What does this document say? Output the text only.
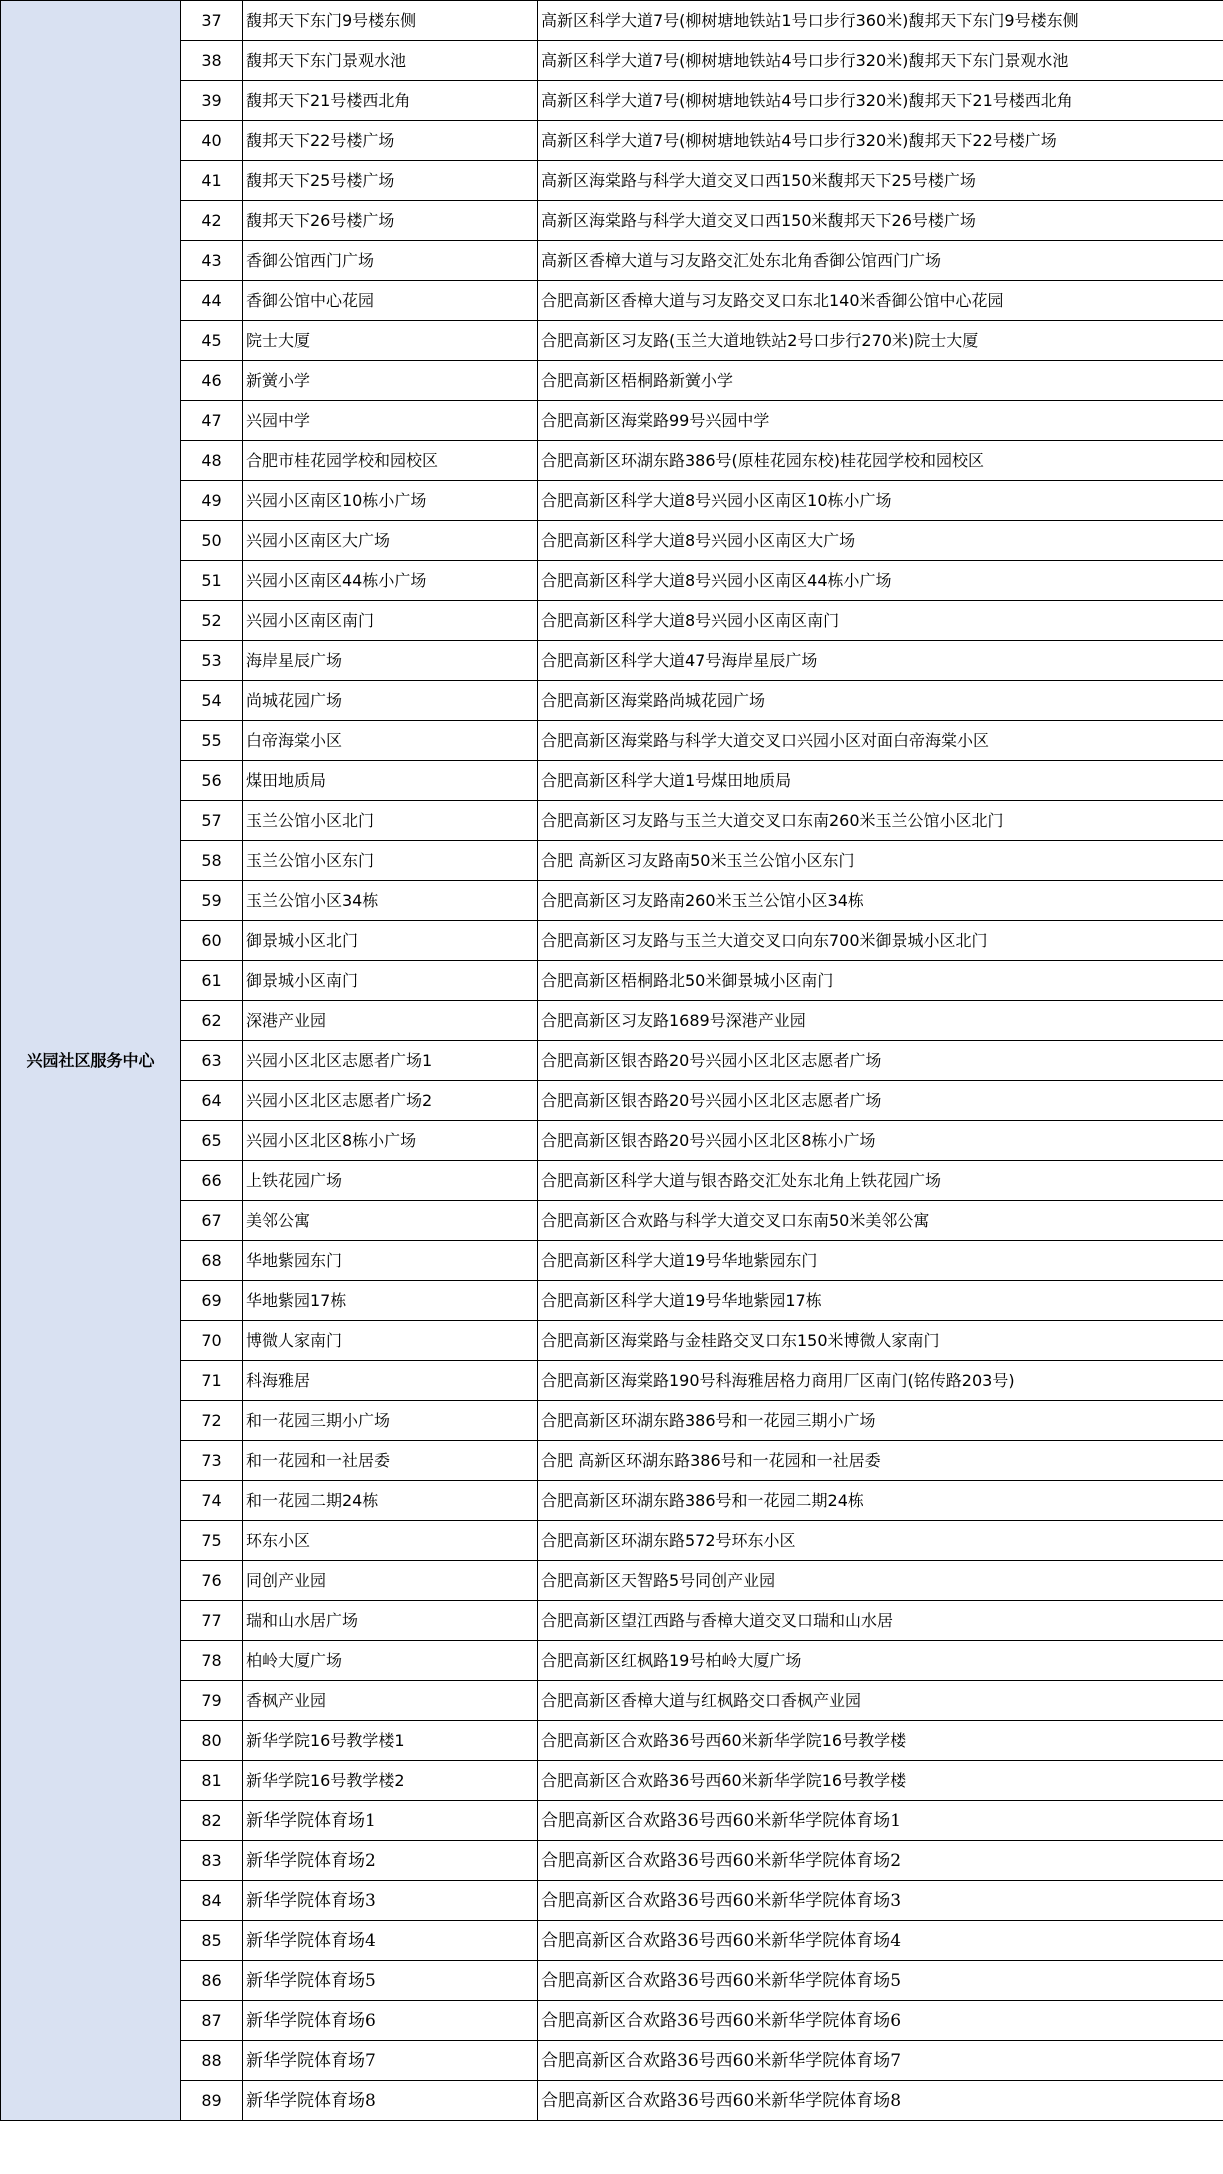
兴园社区服务中心	37	馥邦天下东门9号楼东侧	高新区科学大道7号(柳树塘地铁站1号口步行360米)馥邦天下东门9号楼东侧
	38	馥邦天下东门景观水池	高新区科学大道7号(柳树塘地铁站4号口步行320米)馥邦天下东门景观水池
	39	馥邦天下21号楼西北角	高新区科学大道7号(柳树塘地铁站4号口步行320米)馥邦天下21号楼西北角
	40	馥邦天下22号楼广场	高新区科学大道7号(柳树塘地铁站4号口步行320米)馥邦天下22号楼广场
	41	馥邦天下25号楼广场	高新区海棠路与科学大道交叉口西150米馥邦天下25号楼广场
	42	馥邦天下26号楼广场	高新区海棠路与科学大道交叉口西150米馥邦天下26号楼广场
	43	香御公馆西门广场	高新区香樟大道与习友路交汇处东北角香御公馆西门广场
	44	香御公馆中心花园	合肥高新区香樟大道与习友路交叉口东北140米香御公馆中心花园
	45	院士大厦	合肥高新区习友路(玉兰大道地铁站2号口步行270米)院士大厦
	46	新黉小学	合肥高新区梧桐路新黉小学
	47	兴园中学	合肥高新区海棠路99号兴园中学
	48	合肥市桂花园学校和园校区	合肥高新区环湖东路386号(原桂花园东校)桂花园学校和园校区
	49	兴园小区南区10栋小广场	合肥高新区科学大道8号兴园小区南区10栋小广场
	50	兴园小区南区大广场	合肥高新区科学大道8号兴园小区南区大广场
	51	兴园小区南区44栋小广场	合肥高新区科学大道8号兴园小区南区44栋小广场
	52	兴园小区南区南门	合肥高新区科学大道8号兴园小区南区南门
	53	海岸星辰广场	合肥高新区科学大道47号海岸星辰广场
	54	尚城花园广场	合肥高新区海棠路尚城花园广场
	55	白帝海棠小区	合肥高新区海棠路与科学大道交叉口兴园小区对面白帝海棠小区
	56	煤田地质局	合肥高新区科学大道1号煤田地质局
	57	玉兰公馆小区北门	合肥高新区习友路与玉兰大道交叉口东南260米玉兰公馆小区北门
	58	玉兰公馆小区东门	合肥 高新区习友路南50米玉兰公馆小区东门
	59	玉兰公馆小区34栋	合肥高新区习友路南260米玉兰公馆小区34栋
	60	御景城小区北门	合肥高新区习友路与玉兰大道交叉口向东700米御景城小区北门
	61	御景城小区南门	合肥高新区梧桐路北50米御景城小区南门
	62	深港产业园	合肥高新区习友路1689号深港产业园
	63	兴园小区北区志愿者广场1	合肥高新区银杏路20号兴园小区北区志愿者广场
	64	兴园小区北区志愿者广场2	合肥高新区银杏路20号兴园小区北区志愿者广场
	65	兴园小区北区8栋小广场	合肥高新区银杏路20号兴园小区北区8栋小广场
	66	上铁花园广场	合肥高新区科学大道与银杏路交汇处东北角上铁花园广场
	67	美邻公寓	合肥高新区合欢路与科学大道交叉口东南50米美邻公寓
	68	华地紫园东门	合肥高新区科学大道19号华地紫园东门
	69	华地紫园17栋	合肥高新区科学大道19号华地紫园17栋
	70	博微人家南门	合肥高新区海棠路与金桂路交叉口东150米博微人家南门
	71	科海雅居	合肥高新区海棠路190号科海雅居格力商用厂区南门(铭传路203号)
	72	和一花园三期小广场	合肥高新区环湖东路386号和一花园三期小广场
	73	和一花园和一社居委	合肥 高新区环湖东路386号和一花园和一社居委
	74	和一花园二期24栋	合肥高新区环湖东路386号和一花园二期24栋
	75	环东小区	合肥高新区环湖东路572号环东小区
	76	同创产业园	合肥高新区天智路5号同创产业园
	77	瑞和山水居广场	合肥高新区望江西路与香樟大道交叉口瑞和山水居
	78	柏岭大厦广场	合肥高新区红枫路19号柏岭大厦广场
	79	香枫产业园	合肥高新区香樟大道与红枫路交口香枫产业园
	80	新华学院16号教学楼1	合肥高新区合欢路36号西60米新华学院16号教学楼
	81	新华学院16号教学楼2	合肥高新区合欢路36号西60米新华学院16号教学楼
	82	新华学院体育场1	合肥高新区合欢路36号西60米新华学院体育场1
	83	新华学院体育场2	合肥高新区合欢路36号西60米新华学院体育场2
	84	新华学院体育场3	合肥高新区合欢路36号西60米新华学院体育场3
	85	新华学院体育场4	合肥高新区合欢路36号西60米新华学院体育场4
	86	新华学院体育场5	合肥高新区合欢路36号西60米新华学院体育场5
	87	新华学院体育场6	合肥高新区合欢路36号西60米新华学院体育场6
	88	新华学院体育场7	合肥高新区合欢路36号西60米新华学院体育场7
	89	新华学院体育场8	合肥高新区合欢路36号西60米新华学院体育场8
